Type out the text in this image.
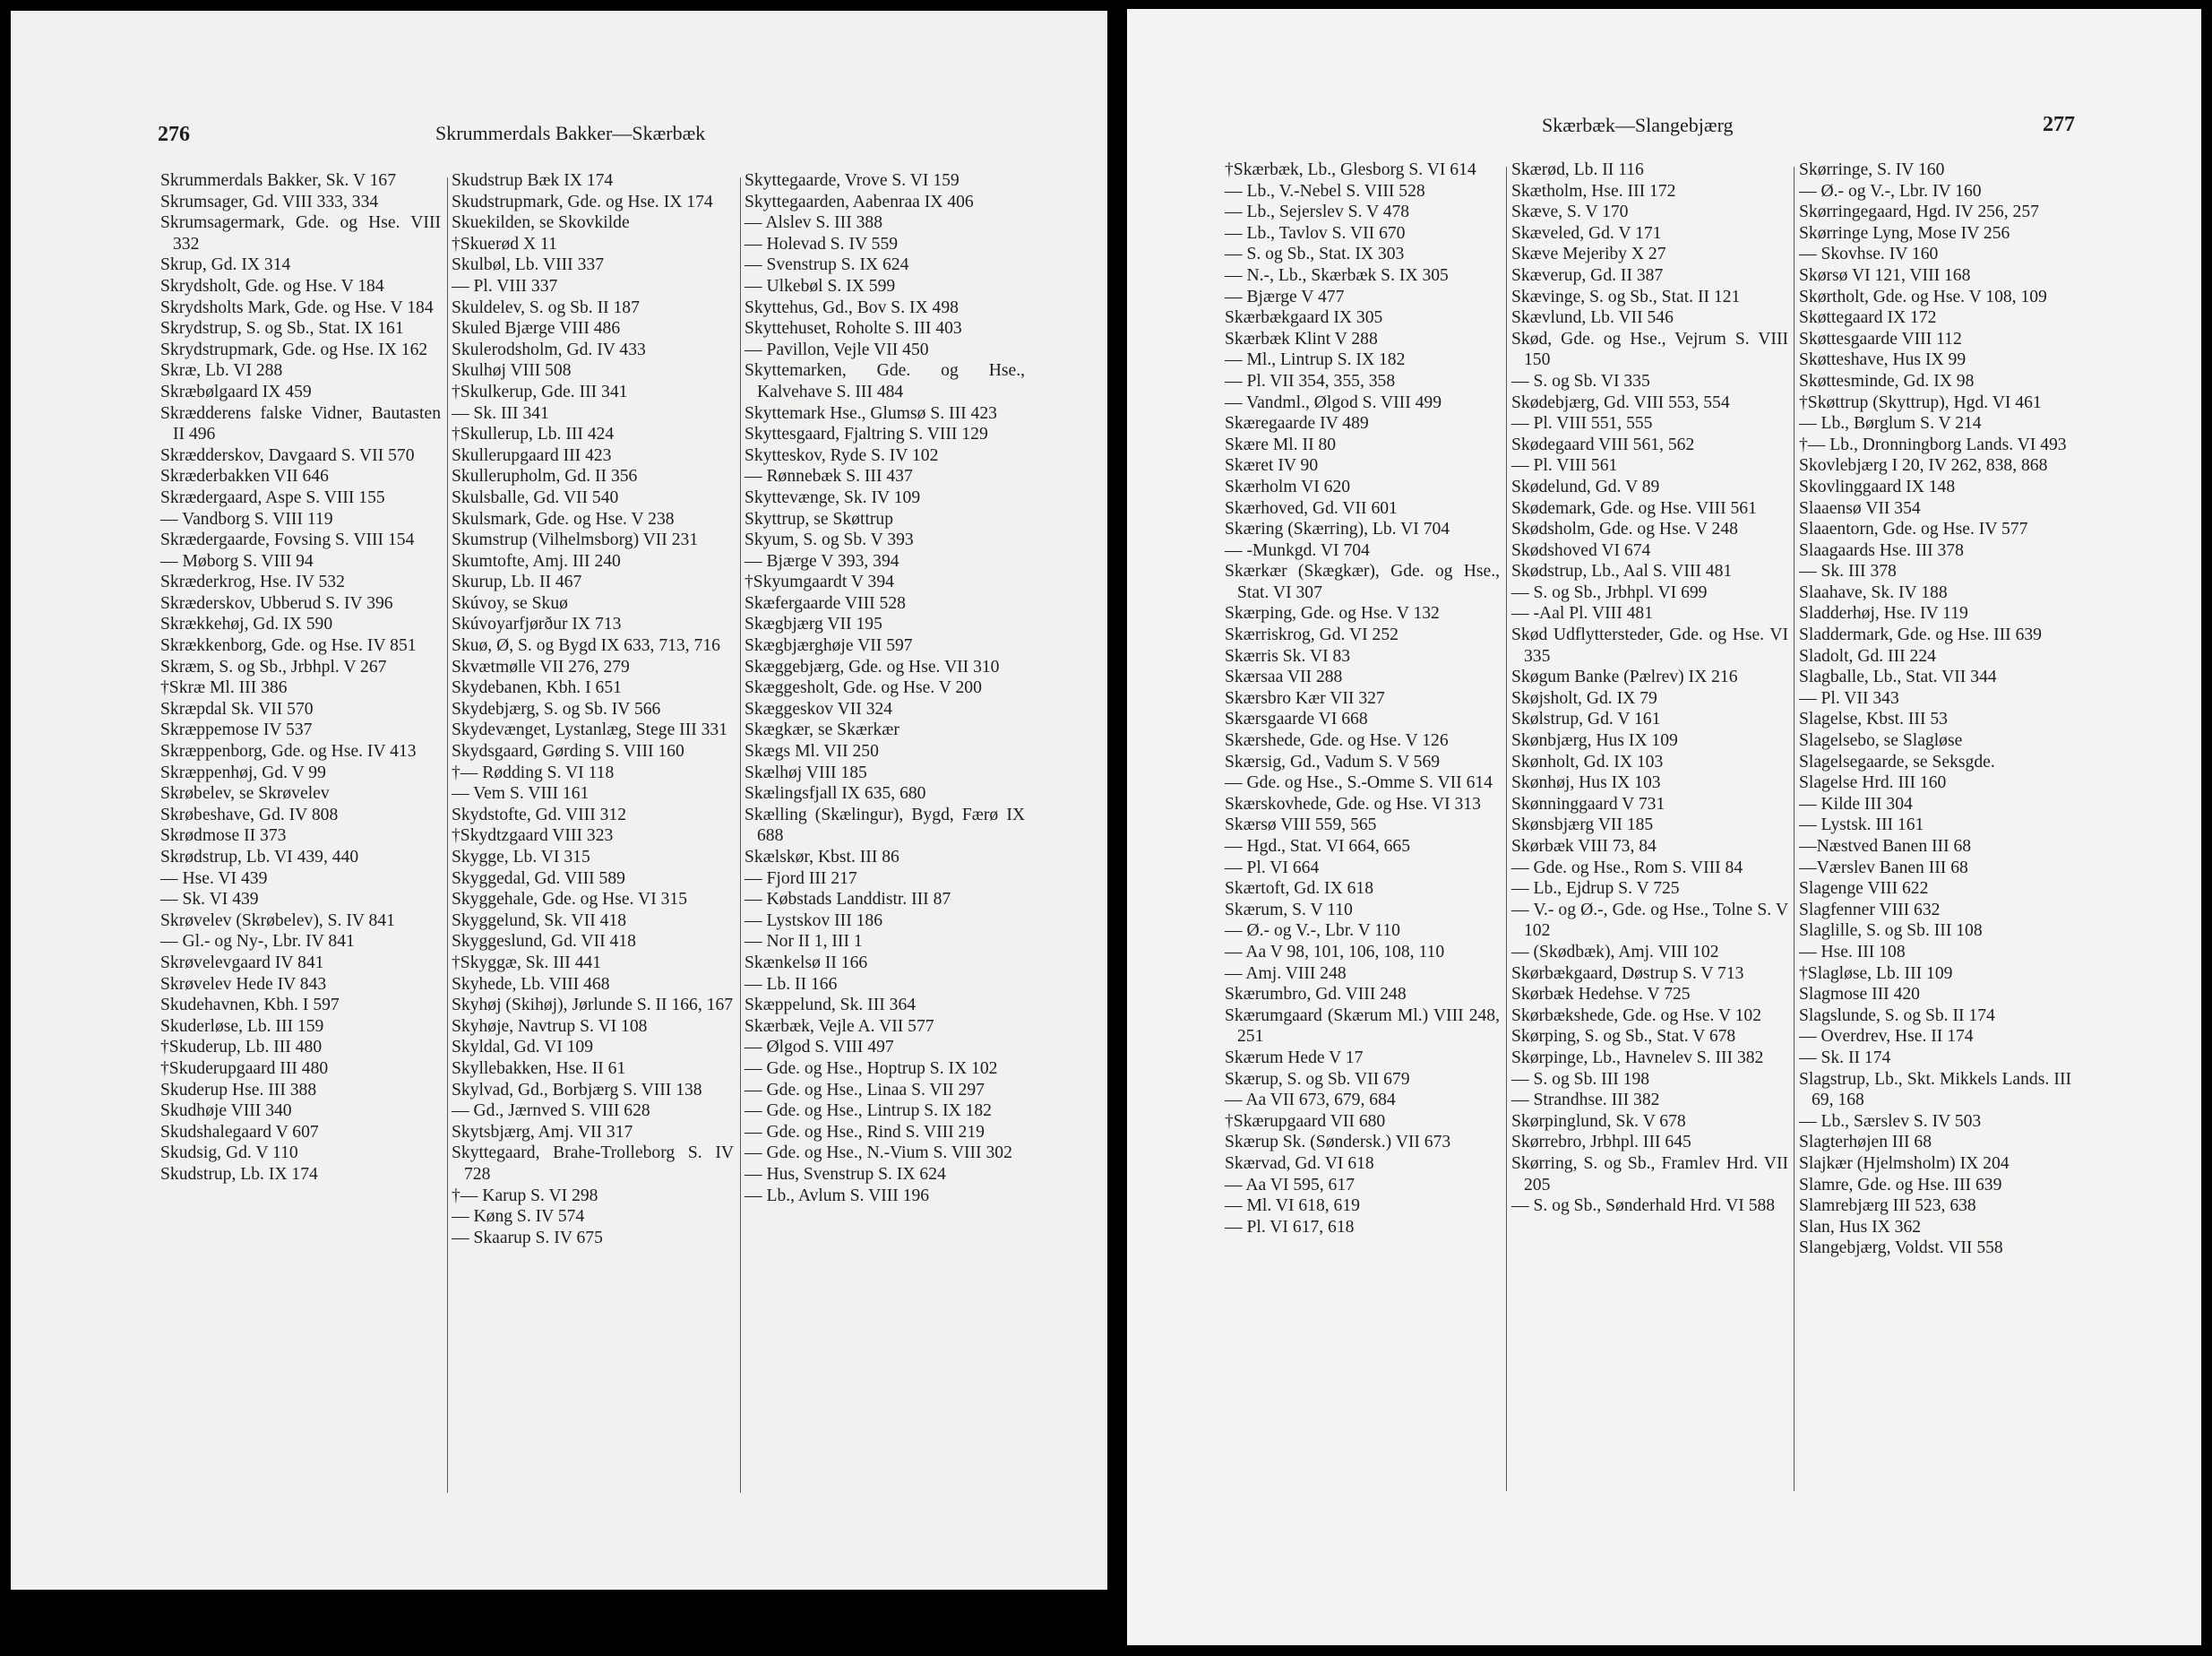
276	Skrummerdals Bakker—Skærbæk
Skrummerdals Bakker, Sk. V 167
Skrumsager, Gd. VIII 333, 334
Skrumsagermark, Gde. og Hse. VIII 332
Skrup, Gd. IX 314
Skrydsholt, Gde. og Hse. V 184
Skrydsholts Mark, Gde. og Hse. V 184
Skrydstrup, S. og Sb., Stat. IX 161
Skrydstrupmark, Gde. og Hse. IX 162
Skræ, Lb. VI 288
Skræbølgaard IX 459
Skrædderens falske Vidner, Bautasten II 496
Skrædderskov, Davgaard S. VII 570
Skræderbakken VII 646
Skrædergaard, Aspe S. VIII 155
— Vandborg S. VIII 119
Skrædergaarde, Fovsing S. VIII 154
— Møborg S. VIII 94
Skræderkrog, Hse. IV 532
Skræderskov, Ubberud S. IV 396
Skrækkehøj, Gd. IX 590
Skrækkenborg, Gde. og Hse. IV 851
Skræm, S. og Sb., Jrbhpl. V 267
†Skræ Ml. III 386
Skræpdal Sk. VII 570
Skræppemose IV 537
Skræppenborg, Gde. og Hse. IV 413
Skræppenhøj, Gd. V 99
Skrøbelev, se Skrøvelev
Skrøbeshave, Gd. IV 808
Skrødmose II 373
Skrødstrup, Lb. VI 439, 440
— Hse. VI 439
— Sk. VI 439
Skrøvelev (Skrøbelev), S. IV 841
— Gl.- og Ny-, Lbr. IV 841
Skrøvelevgaard IV 841
Skrøvelev Hede IV 843
Skudehavnen, Kbh. I 597
Skuderløse, Lb. III 159
†Skuderup, Lb. III 480
†Skuderupgaard III 480
Skuderup Hse. III 388
Skudhøje VIII 340
Skudshalegaard V 607
Skudsig, Gd. V 110
Skudstrup, Lb. IX 174
Skudstrup Bæk IX 174
Skudstrupmark, Gde. og Hse. IX 174
Skuekilden, se Skovkilde
†Skuerød X 11
Skulbøl, Lb. VIII 337
— Pl. VIII 337
Skuldelev, S. og Sb. II 187
Skuled Bjærge VIII 486
Skulerodsholm, Gd. IV 433
Skulhøj VIII 508
†Skulkerup, Gde. III 341
— Sk. III 341
†Skullerup, Lb. III 424
Skullerupgaard III 423
Skullerupholm, Gd. II 356
Skulsballe, Gd. VII 540
Skulsmark, Gde. og Hse. V 238
Skumstrup (Vilhelmsborg) VII 231
Skumtofte, Amj. III 240
Skurup, Lb. II 467
Skúvoy, se Skuø
Skúvoyarfjørður IX 713
Skuø, Ø, S. og Bygd IX 633, 713, 716
Skvætmølle VII 276, 279
Skydebanen, Kbh. I 651
Skydebjærg, S. og Sb. IV 566
Skydevænget, Lystanlæg, Stege III 331
Skydsgaard, Gørding S. VIII 160
†— Rødding S. VI 118
— Vem S. VIII 161
Skydstofte, Gd. VIII 312
†Skydtzgaard VIII 323
Skygge, Lb. VI 315
Skyggedal, Gd. VIII 589
Skyggehale, Gde. og Hse. VI 315
Skyggelund, Sk. VII 418
Skyggeslund, Gd. VII 418
†Skyggæ, Sk. III 441
Skyhede, Lb. VIII 468
Skyhøj (Skihøj), Jørlunde S. II 166, 167
Skyhøje, Navtrup S. VI 108
Skyldal, Gd. VI 109
Skyllebakken, Hse. II 61
Skylvad, Gd., Borbjærg S. VIII 138
— Gd., Jærnved S. VIII 628
Skytsbjærg, Amj. VII 317
Skyttegaard, Brahe-Trolleborg S. IV 728
†— Karup S. VI 298
— Køng S. IV 574
— Skaarup S. IV 675
Skyttegaarde, Vrove S. VI 159
Skyttegaarden, Aabenraa IX 406
— Alslev S. III 388
— Holevad S. IV 559
— Svenstrup S. IX 624
— Ulkebøl S. IX 599
Skyttehus, Gd., Bov S. IX 498
Skyttehuset, Roholte S. III 403
— Pavillon, Vejle VII 450
Skyttemarken, Gde. og Hse., Kalvehave S. III 484
Skyttemark Hse., Glumsø S. III 423
Skyttesgaard, Fjaltring S. VIII 129
Skytteskov, Ryde S. IV 102
— Rønnebæk S. III 437
Skyttevænge, Sk. IV 109
Skyttrup, se Skøttrup
Skyum, S. og Sb. V 393
— Bjærge V 393, 394
†Skyumgaardt V 394
Skæfergaarde VIII 528
Skægbjærg VII 195
Skægbjærghøje VII 597
Skæggebjærg, Gde. og Hse. VII 310
Skæggesholt, Gde. og Hse. V 200
Skæggeskov VII 324
Skægkær, se Skærkær
Skægs Ml. VII 250
Skælhøj VIII 185
Skælingsfjall IX 635, 680
Skælling (Skælingur), Bygd, Færø IX 688
Skælskør, Kbst. III 86
— Fjord III 217
— Købstads Landdistr. III 87
— Lystskov III 186
— Nor II 1, III 1
Skænkelsø II 166
— Lb. II 166
Skæppelund, Sk. III 364
Skærbæk, Vejle A. VII 577
— Ølgod S. VIII 497
— Gde. og Hse., Hoptrup S. IX 102
— Gde. og Hse., Linaa S. VII 297
— Gde. og Hse., Lintrup S. IX 182
— Gde. og Hse., Rind S. VIII 219
— Gde. og Hse., N.-Vium S. VIII 302
— Hus, Svenstrup S. IX 624
— Lb., Avlum S. VIII 196
Skærbæk—Slangebjærg	277
†Skærbæk, Lb., Glesborg S. VI 614
— Lb., V.-Nebel S. VIII 528
— Lb., Sejerslev S. V 478
— Lb., Tavlov S. VII 670
— S. og Sb., Stat. IX 303
— N.-, Lb., Skærbæk S. IX 305
— Bjærge V 477
Skærbækgaard IX 305
Skærbæk Klint V 288
— Ml., Lintrup S. IX 182
— Pl. VII 354, 355, 358
— Vandml., Ølgod S. VIII 499
Skæregaarde IV 489
Skære Ml. II 80
Skæret IV 90
Skærholm VI 620
Skærhoved, Gd. VII 601
Skæring (Skærring), Lb. VI 704
— -Munkgd. VI 704
Skærkær (Skægkær), Gde. og Hse., Stat. VI 307
Skærping, Gde. og Hse. V 132
Skærriskrog, Gd. VI 252
Skærris Sk. VI 83
Skærsaa VII 288
Skærsbro Kær VII 327
Skærsgaarde VI 668
Skærshede, Gde. og Hse. V 126
Skærsig, Gd., Vadum S. V 569
— Gde. og Hse., S.-Omme S. VII 614
Skærskovhede, Gde. og Hse. VI 313
Skærsø VIII 559, 565
— Hgd., Stat. VI 664, 665
— Pl. VI 664
Skærtoft, Gd. IX 618
Skærum, S. V 110
— Ø.- og V.-, Lbr. V 110
— Aa V 98, 101, 106, 108, 110
— Amj. VIII 248
Skærumbro, Gd. VIII 248
Skærumgaard (Skærum Ml.) VIII 248, 251
Skærum Hede V 17
Skærup, S. og Sb. VII 679
— Aa VII 673, 679, 684
†Skærupgaard VII 680
Skærup Sk. (Søndersk.) VII 673
Skærvad, Gd. VI 618
— Aa VI 595, 617
— Ml. VI 618, 619
— Pl. VI 617, 618
Skærød, Lb. II 116
Skætholm, Hse. III 172
Skæve, S. V 170
Skæveled, Gd. V 171
Skæve Mejeriby X 27
Skæverup, Gd. II 387
Skævinge, S. og Sb., Stat. II 121
Skævlund, Lb. VII 546
Skød, Gde. og Hse., Vejrum S. VIII 150
— S. og Sb. VI 335
Skødebjærg, Gd. VIII 553, 554
— Pl. VIII 551, 555
Skødegaard VIII 561, 562
— Pl. VIII 561
Skødelund, Gd. V 89
Skødemark, Gde. og Hse. VIII 561
Skødsholm, Gde. og Hse. V 248
Skødshoved VI 674
Skødstrup, Lb., Aal S. VIII 481
— S. og Sb., Jrbhpl. VI 699
— -Aal Pl. VIII 481
Skød Udflyttersteder, Gde. og Hse. VI 335
Skøgum Banke (Pælrev) IX 216
Skøjsholt, Gd. IX 79
Skølstrup, Gd. V 161
Skønbjærg, Hus IX 109
Skønholt, Gd. IX 103
Skønhøj, Hus IX 103
Skønninggaard V 731
Skønsbjærg VII 185
Skørbæk VIII 73, 84
— Gde. og Hse., Rom S. VIII 84
— Lb., Ejdrup S. V 725
— V.- og Ø.-, Gde. og Hse., Tolne S. V 102
— (Skødbæk), Amj. VIII 102
Skørbækgaard, Døstrup S. V 713
Skørbæk Hedehse. V 725
Skørbækshede, Gde. og Hse. V 102
Skørping, S. og Sb., Stat. V 678
Skørpinge, Lb., Havnelev S. III 382
— S. og Sb. III 198
— Strandhse. III 382
Skørpinglund, Sk. V 678
Skørrebro, Jrbhpl. III 645
Skørring, S. og Sb., Framlev Hrd. VII 205
— S. og Sb., Sønderhald Hrd. VI 588
Skørringe, S. IV 160
— Ø.- og V.-, Lbr. IV 160
Skørringegaard, Hgd. IV 256, 257
Skørringe Lyng, Mose IV 256
— Skovhse. IV 160
Skørsø VI 121, VIII 168
Skørtholt, Gde. og Hse. V 108, 109
Skøttegaard IX 172
Skøttesgaarde VIII 112
Skøtteshave, Hus IX 99
Skøttesminde, Gd. IX 98
†Skøttrup (Skyttrup), Hgd. VI 461
— Lb., Børglum S. V 214
†— Lb., Dronningborg Lands. VI 493
Skovlebjærg I 20, IV 262, 838, 868
Skovlinggaard IX 148
Slaaensø VII 354
Slaaentorn, Gde. og Hse. IV 577
Slaagaards Hse. III 378
— Sk. III 378
Slaahave, Sk. IV 188
Sladderhøj, Hse. IV 119
Sladdermark, Gde. og Hse. III 639
Sladolt, Gd. III 224
Slagballe, Lb., Stat. VII 344
— Pl. VII 343
Slagelse, Kbst. III 53
Slagelsebo, se Slagløse
Slagelsegaarde, se Seksgde.
Slagelse Hrd. III 160
— Kilde III 304
— Lystsk. III 161
—Næstved Banen III 68
—Værslev Banen III 68
Slagenge VIII 622
Slagfenner VIII 632
Slaglille, S. og Sb. III 108
— Hse. III 108
†Slagløse, Lb. III 109
Slagmose III 420
Slagslunde, S. og Sb. II 174
— Overdrev, Hse. II 174
— Sk. II 174
Slagstrup, Lb., Skt. Mikkels Lands. III 69, 168
— Lb., Særslev S. IV 503
Slagterhøjen III 68
Slajkær (Hjelmsholm) IX 204
Slamre, Gde. og Hse. III 639
Slamrebjærg III 523, 638
Slan, Hus IX 362
Slangebjærg, Voldst. VII 558
